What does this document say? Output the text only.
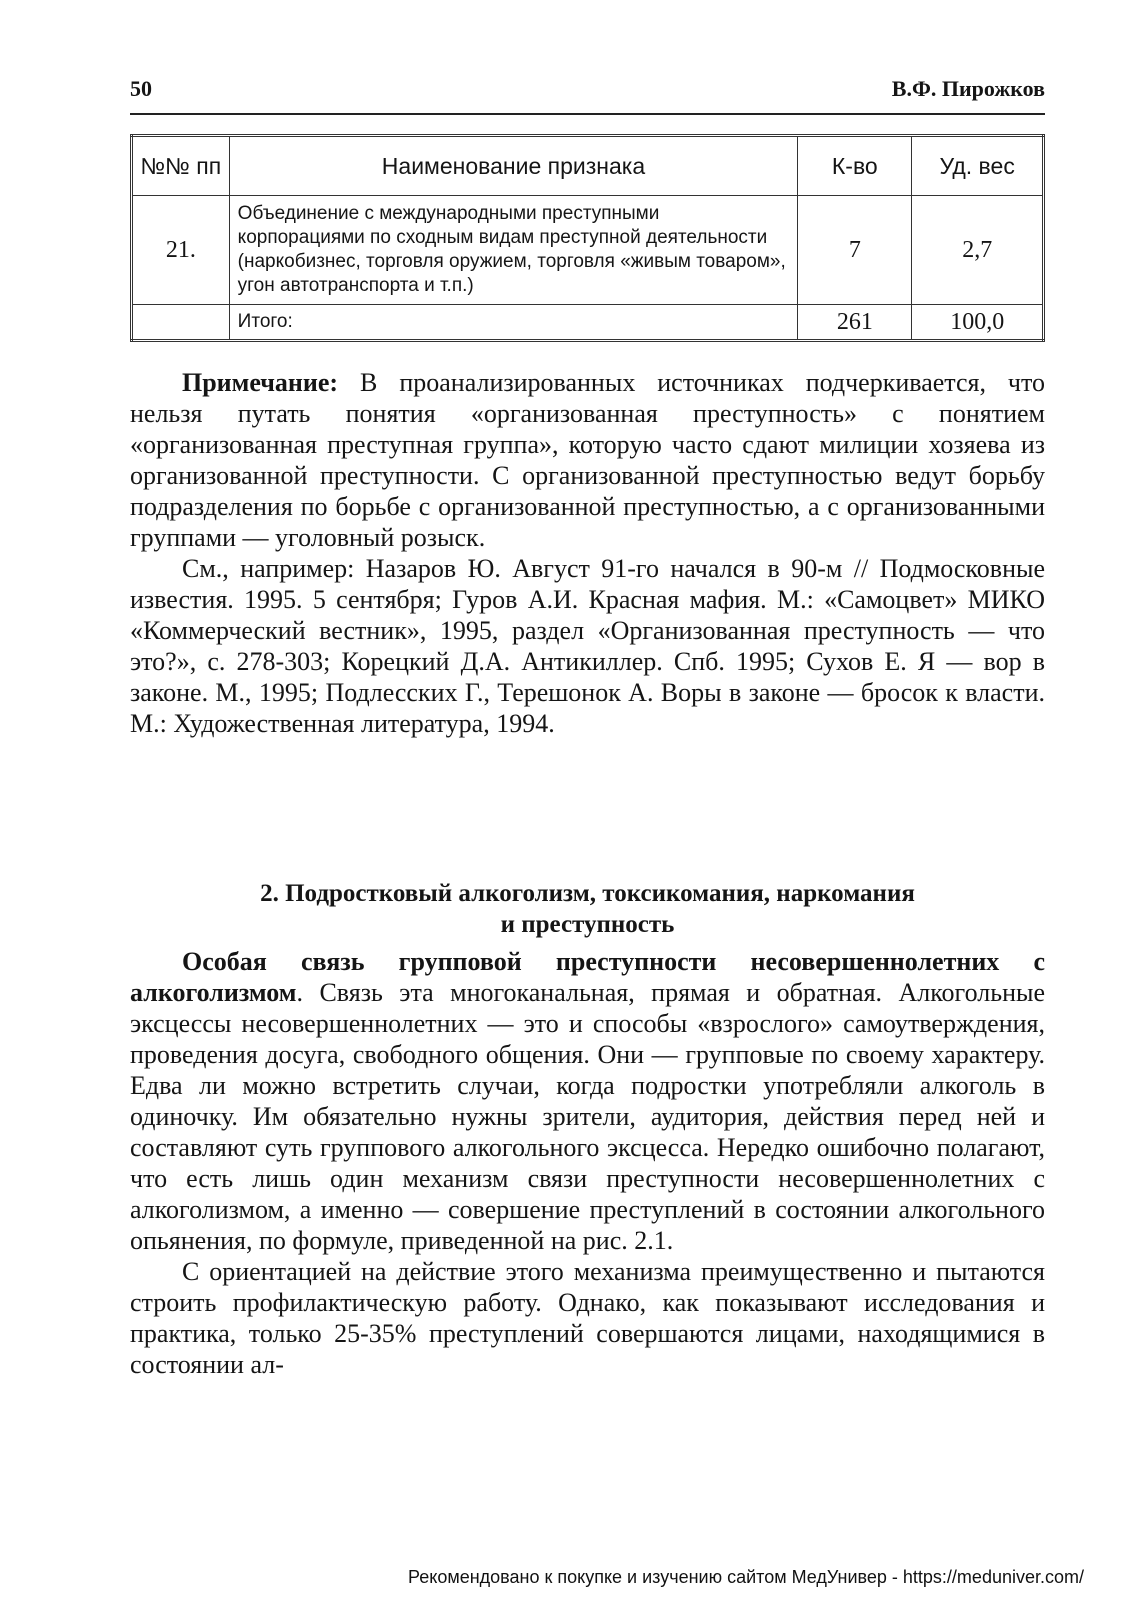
50	В.Ф. Пирожков
№№ пп	Наименование признака	К-во	Уд. вес
21.	Объединение с международными преступными корпорациями по сходным видам преступной деятельности (наркобизнес, торговля оружием, торговля «живым товаром», угон автотранспорта и т.п.)	7	2,7
	Итого:	261	100,0

Примечание: В проанализированных источниках подчеркивается, что нельзя путать понятия «организованная преступность» с понятием «организованная преступная группа», которую часто сдают милиции хозяева из организованной преступности. С организованной преступностью ведут борьбу подразделения по борьбе с организованной преступностью, а с организованными группами — уголовный розыск.

См., например: Назаров Ю. Август 91-го начался в 90-м // Подмосковные известия. 1995. 5 сентября; Гуров А.И. Красная мафия. М.: «Самоцвет» МИКО «Коммерческий вестник», 1995, раздел «Организованная преступность — что это?», с. 278-303; Корецкий Д.А. Антикиллер. Спб. 1995; Сухов Е. Я — вор в законе. М., 1995; Подлесских Г., Терешонок А. Воры в законе — бросок к власти. М.: Художественная литература, 1994.

2. Подростковый алкоголизм, токсикомания, наркомания
и преступность

Особая связь групповой преступности несовершеннолетних с алкоголизмом. Связь эта многоканальная, прямая и обратная. Алкогольные эксцессы несовершеннолетних — это и способы «взрослого» самоутверждения, проведения досуга, свободного общения. Они — групповые по своему характеру. Едва ли можно встретить случаи, когда подростки употребляли алкоголь в одиночку. Им обязательно нужны зрители, аудитория, действия перед ней и составляют суть группового алкогольного эксцесса. Нередко ошибочно полагают, что есть лишь один механизм связи преступности несовершеннолетних с алкоголизмом, а именно — совершение преступлений в состоянии алкогольного опьянения, по формуле, приведенной на рис. 2.1.

С ориентацией на действие этого механизма преимущественно и пытаются строить профилактическую работу. Однако, как показывают исследования и практика, только 25-35% преступлений совершаются лицами, находящимися в состоянии ал-

Рекомендовано к покупке и изучению сайтом МедУнивер - https://meduniver.com/
